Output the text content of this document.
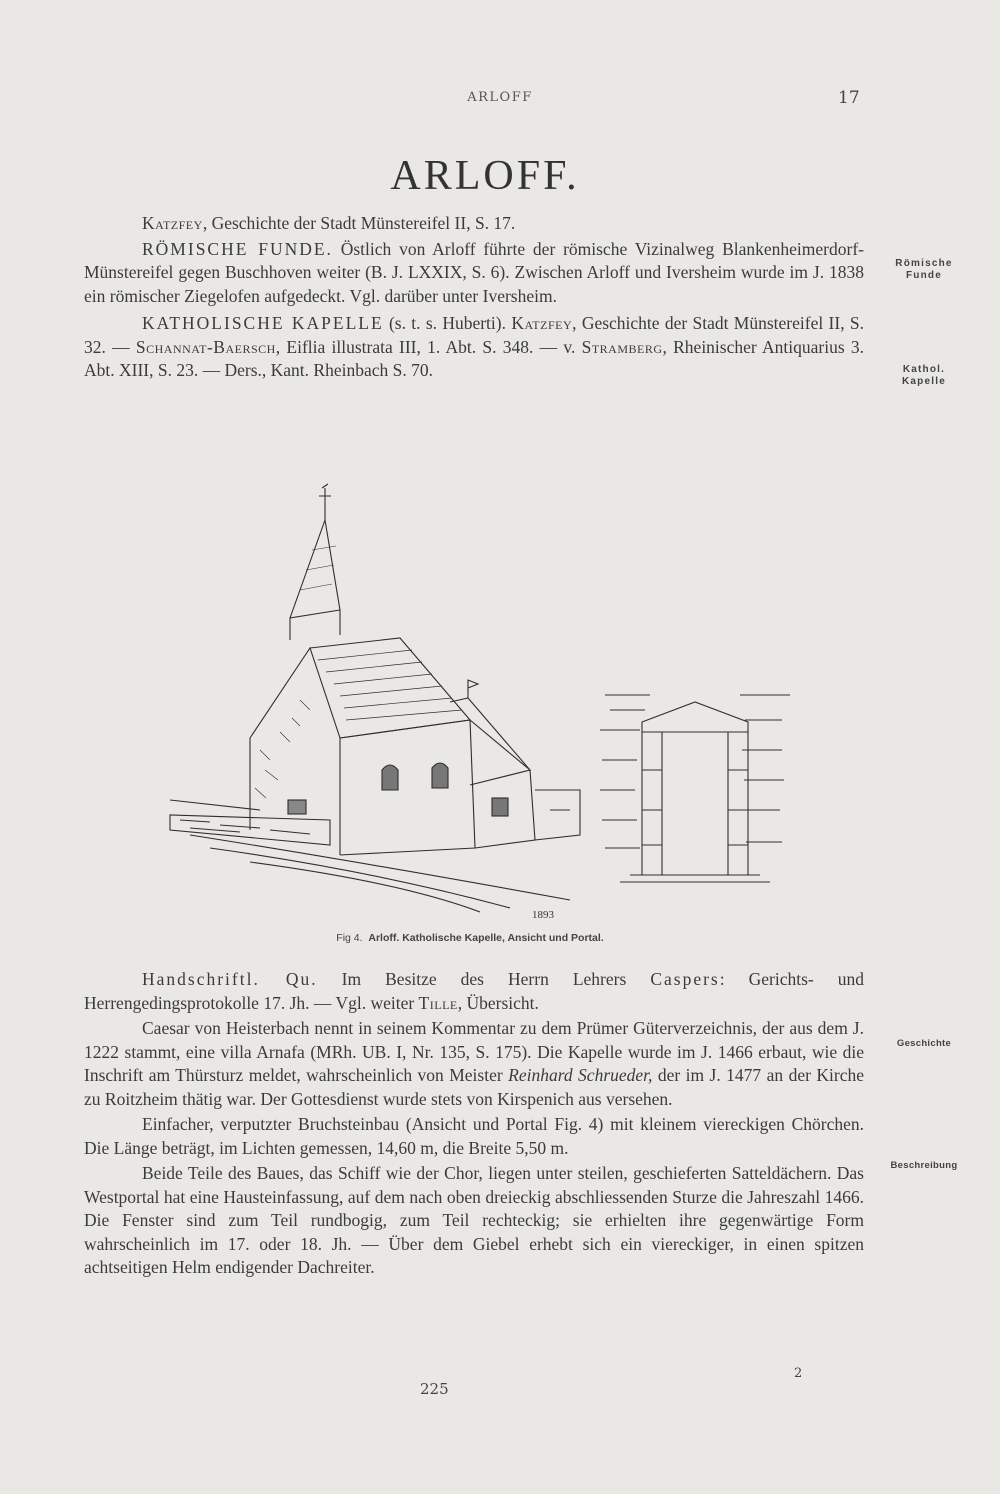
ARLOFF	17
ARLOFF.

Katzfey, Geschichte der Stadt Münstereifel II, S. 17.

RÖMISCHE FUNDE. Östlich von Arloff führte der römische Vizinalweg Blankenheimerdorf-Münstereifel gegen Buschhoven weiter (B. J. LXXIX, S. 6). Zwischen Arloff und Iversheim wurde im J. 1838 ein römischer Ziegelofen aufgedeckt. Vgl. darüber unter Iversheim.

KATHOLISCHE KAPELLE (s. t. s. Huberti). Katzfey, Geschichte der Stadt Münstereifel II, S. 32. — Schannat-Baersch, Eiflia illustrata III, 1. Abt. S. 348. — v. Stramberg, Rheinischer Antiquarius 3. Abt. XIII, S. 23. — Ders., Kant. Rheinbach S. 70.

Römische
Funde
Kathol.
Kapelle
Geschichte
Beschreibung
1893
Fig 4. Arloff. Katholische Kapelle, Ansicht und Portal.

Handschriftl. Qu. Im Besitze des Herrn Lehrers Caspers: Gerichts- und Herrengedingsprotokolle 17. Jh. — Vgl. weiter Tille, Übersicht.

Caesar von Heisterbach nennt in seinem Kommentar zu dem Prümer Güterverzeichnis, der aus dem J. 1222 stammt, eine villa Arnafa (MRh. UB. I, Nr. 135, S. 175). Die Kapelle wurde im J. 1466 erbaut, wie die Inschrift am Thürsturz meldet, wahrscheinlich von Meister Reinhard Schrueder, der im J. 1477 an der Kirche zu Roitzheim thätig war. Der Gottesdienst wurde stets von Kirspenich aus versehen.

Einfacher, verputzter Bruchsteinbau (Ansicht und Portal Fig. 4) mit kleinem viereckigen Chörchen. Die Länge beträgt, im Lichten gemessen, 14,60 m, die Breite 5,50 m.

Beide Teile des Baues, das Schiff wie der Chor, liegen unter steilen, geschieferten Satteldächern. Das Westportal hat eine Hausteinfassung, auf dem nach oben dreieckig abschliessenden Sturze die Jahreszahl 1466. Die Fenster sind zum Teil rundbogig, zum Teil rechteckig; sie erhielten ihre gegenwärtige Form wahrscheinlich im 17. oder 18. Jh. — Über dem Giebel erhebt sich ein viereckiger, in einen spitzen achtseitigen Helm endigender Dachreiter.

225
2
